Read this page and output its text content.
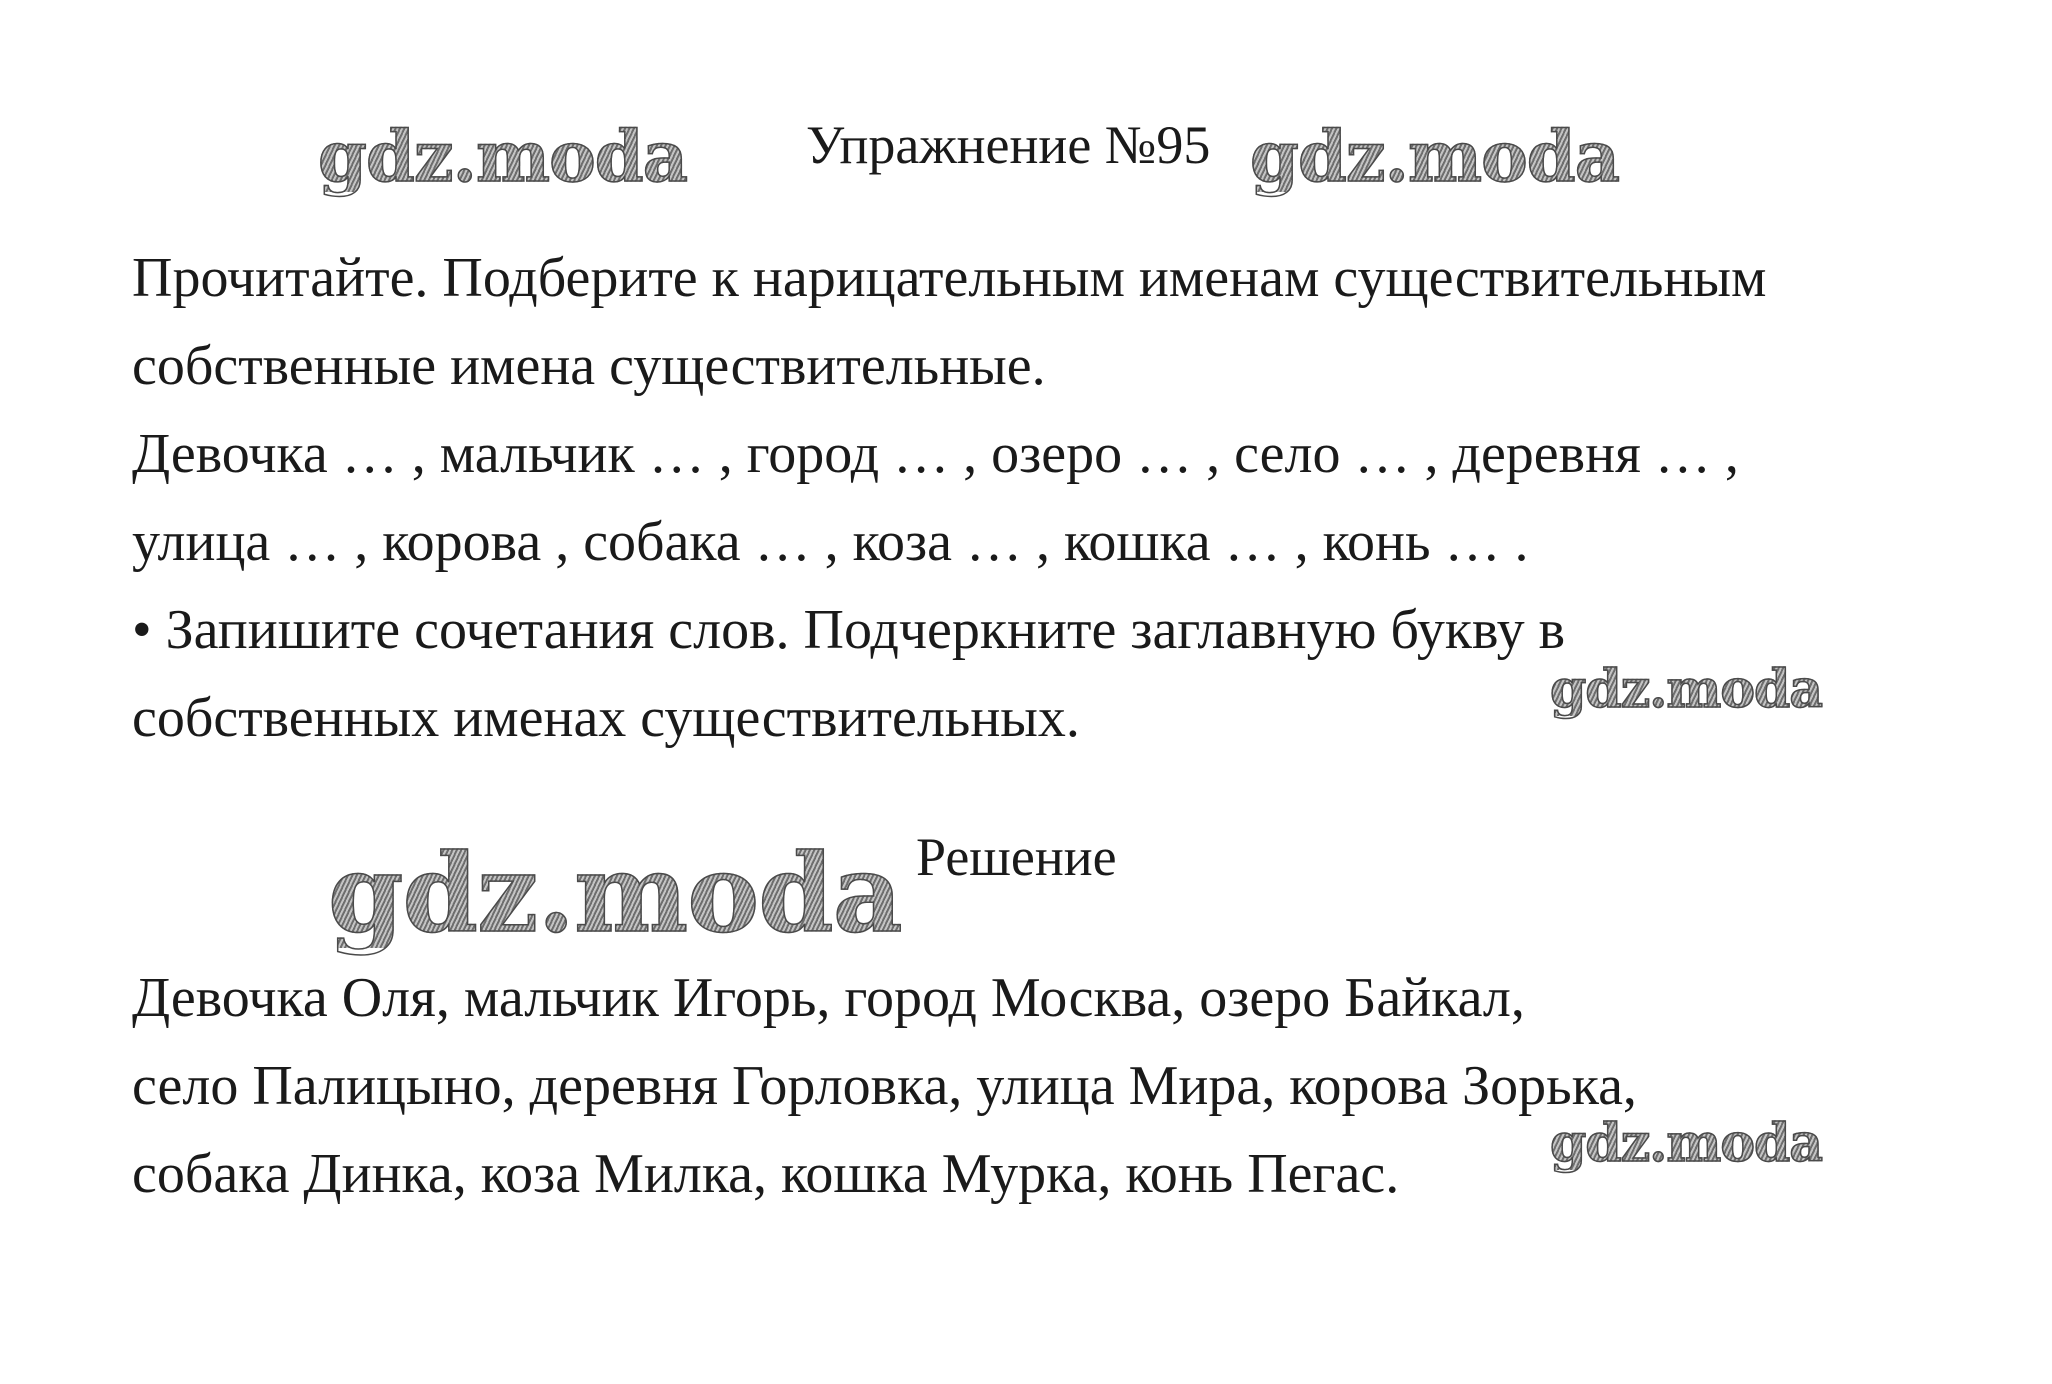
gdz.moda	gdz.moda
gdz.moda
gdz.moda
gdz.moda
Упражнение №95
Прочитайте. Подберите к нарицательным именам существительным
собственные имена существительные.
Девочка … , мальчик … , город … , озеро … , село … , деревня … ,
улица … , корова , собака … , коза … , кошка … , конь … .
• Запишите сочетания слов. Подчеркните заглавную букву в
собственных именах существительных.
Решение
Девочка Оля, мальчик Игорь, город Москва, озеро Байкал,
село Палицыно, деревня Горловка, улица Мира, корова Зорька,
собака Динка, коза Милка, кошка Мурка, конь Пегас.
